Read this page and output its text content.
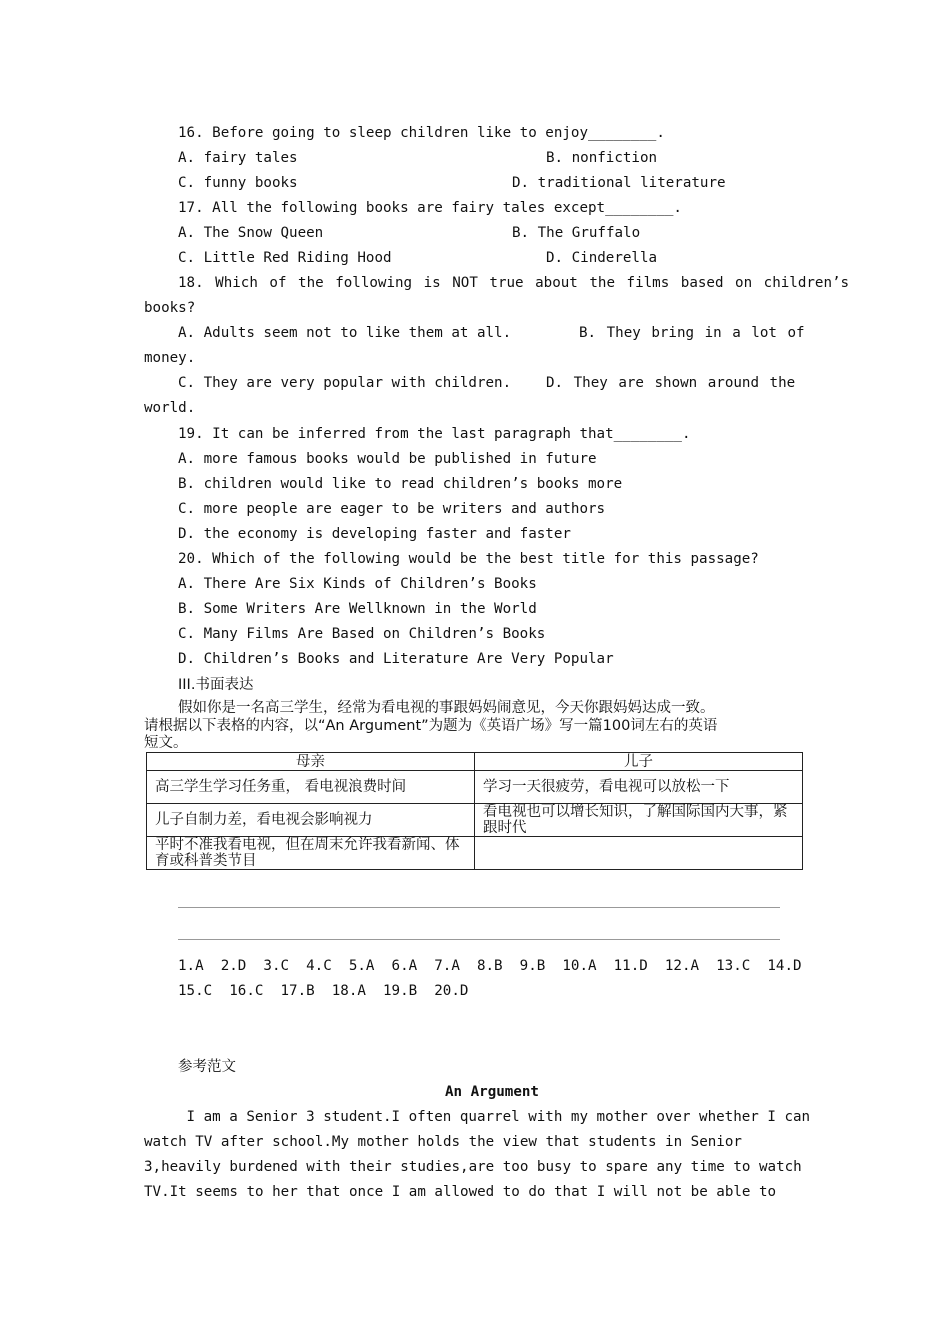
16. Before going to sleep children like to enjoy________.
A. fairy tales	B. nonfiction
C. funny books	D. traditional literature
17. All the following books are fairy tales except________.
A. The Snow Queen	B. The Gruffalo
C. Little Red Riding Hood	D. Cinderella
18. Which of the following is NOT true about the films based on children’s
books?
A. Adults seem not to like them at all.	B. They bring in a lot of
money.
C. They are very popular with children. D. They are shown around the
world.
19. It can be inferred from the last paragraph that________.
A. more famous books would be published in future
B. children would like to read children’s books more
C. more people are eager to be writers and authors
D. the economy is developing faster and faster
20. Which of the following would be the best title for this passage?
A. There Are Six Kinds of Children’s Books
B. Some Writers Are Wellknown in the World
C. Many Films Are Based on Children’s Books
D. Children’s Books and Literature Are Very Popular
III.书面表达
假如你是一名高三学生，经常为看电视的事跟妈妈闹意见，今天你跟妈妈达成一致。
请根据以下表格的内容，以“An Argument”为题为《英语广场》写一篇100词左右的英语
短文。
母亲	儿子
高三学生学习任务重， 看电视浪费时间	学习一天很疲劳，看电视可以放松一下
儿子自制力差，看电视会影响视力	看电视也可以增长知识，了解国际国内大事，紧跟时代
平时不准我看电视，但在周末允许我看新闻、体育或科普类节目	
1.A  2.D  3.C  4.C  5.A  6.A  7.A  8.B  9.B  10.A  11.D  12.A  13.C  14.D
15.C  16.C  17.B  18.A  19.B  20.D
参考范文
An Argument
I am a Senior 3 student.I often quarrel with my mother over whether I can
watch TV after school.My mother holds the view that students in Senior
3,heavily burdened with their studies,are too busy to spare any time to watch
TV.It seems to her that once I am allowed to do that I will not be able to
